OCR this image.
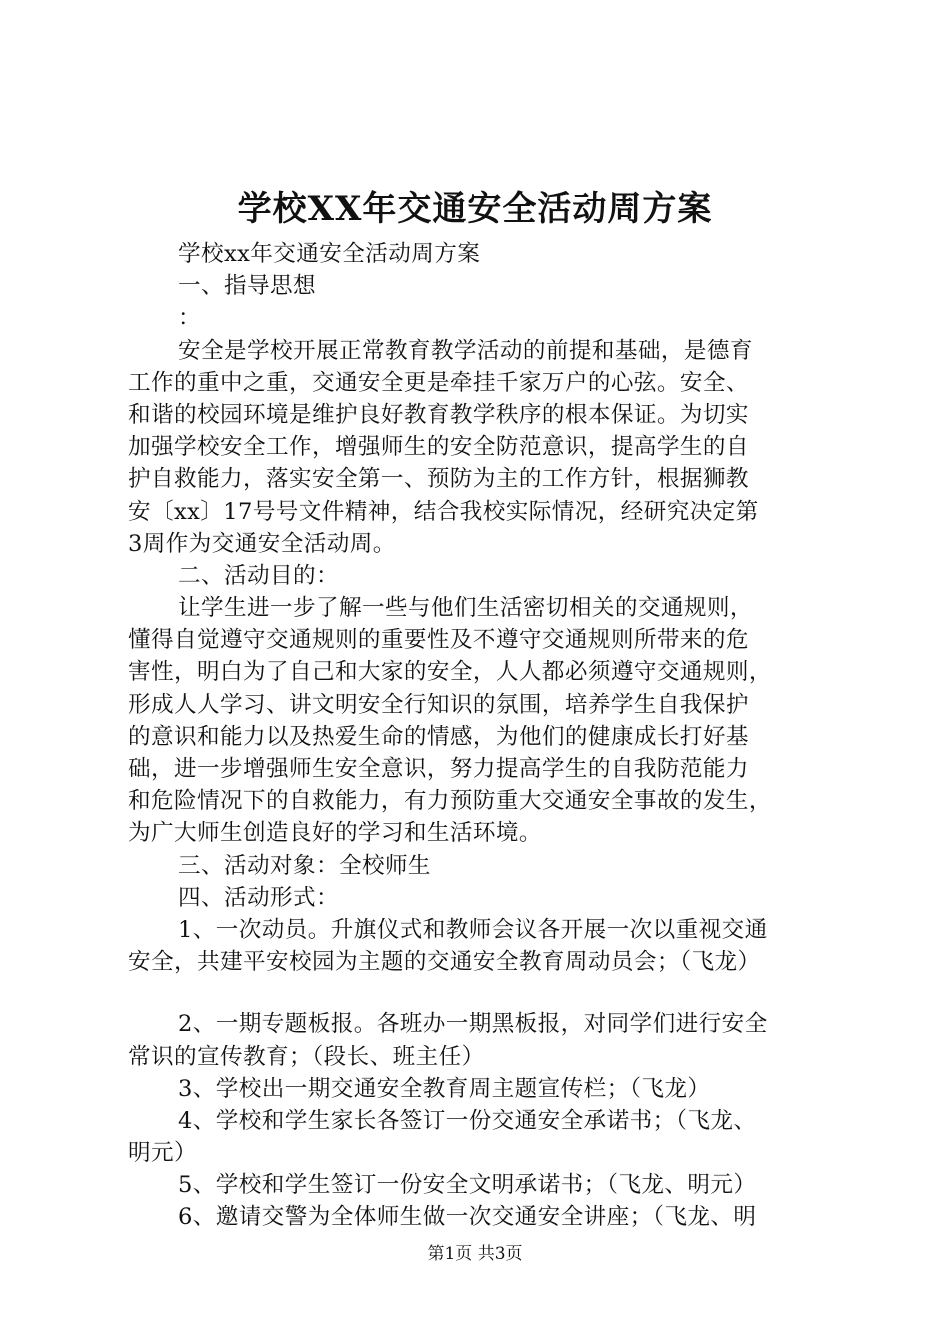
学校XX年交通安全活动周方案
学校xx年交通安全活动周方案
一、指导思想
：
安全是学校开展正常教育教学活动的前提和基础，是德育
工作的重中之重，交通安全更是牵挂千家万户的心弦。安全、
和谐的校园环境是维护良好教育教学秩序的根本保证。为切实
加强学校安全工作，增强师生的安全防范意识，提高学生的自
护自救能力，落实安全第一、预防为主的工作方针，根据狮教
安〔xx〕17号号文件精神，结合我校实际情况，经研究决定第
3周作为交通安全活动周。
二、活动目的：
让学生进一步了解一些与他们生活密切相关的交通规则，
懂得自觉遵守交通规则的重要性及不遵守交通规则所带来的危
害性，明白为了自己和大家的安全，人人都必须遵守交通规则，
形成人人学习、讲文明安全行知识的氛围，培养学生自我保护
的意识和能力以及热爱生命的情感，为他们的健康成长打好基
础，进一步增强师生安全意识，努力提高学生的自我防范能力
和危险情况下的自救能力，有力预防重大交通安全事故的发生，
为广大师生创造良好的学习和生活环境。
三、活动对象：全校师生
四、活动形式：
1、一次动员。升旗仪式和教师会议各开展一次以重视交通
安全，共建平安校园为主题的交通安全教育周动员会；（飞龙）
2、一期专题板报。各班办一期黑板报，对同学们进行安全
常识的宣传教育；（段长、班主任）
3、学校出一期交通安全教育周主题宣传栏；（飞龙）
4、学校和学生家长各签订一份交通安全承诺书；（飞龙、
明元）
5、学校和学生签订一份安全文明承诺书；（飞龙、明元）
6、邀请交警为全体师生做一次交通安全讲座；（飞龙、明
第1页 共3页
